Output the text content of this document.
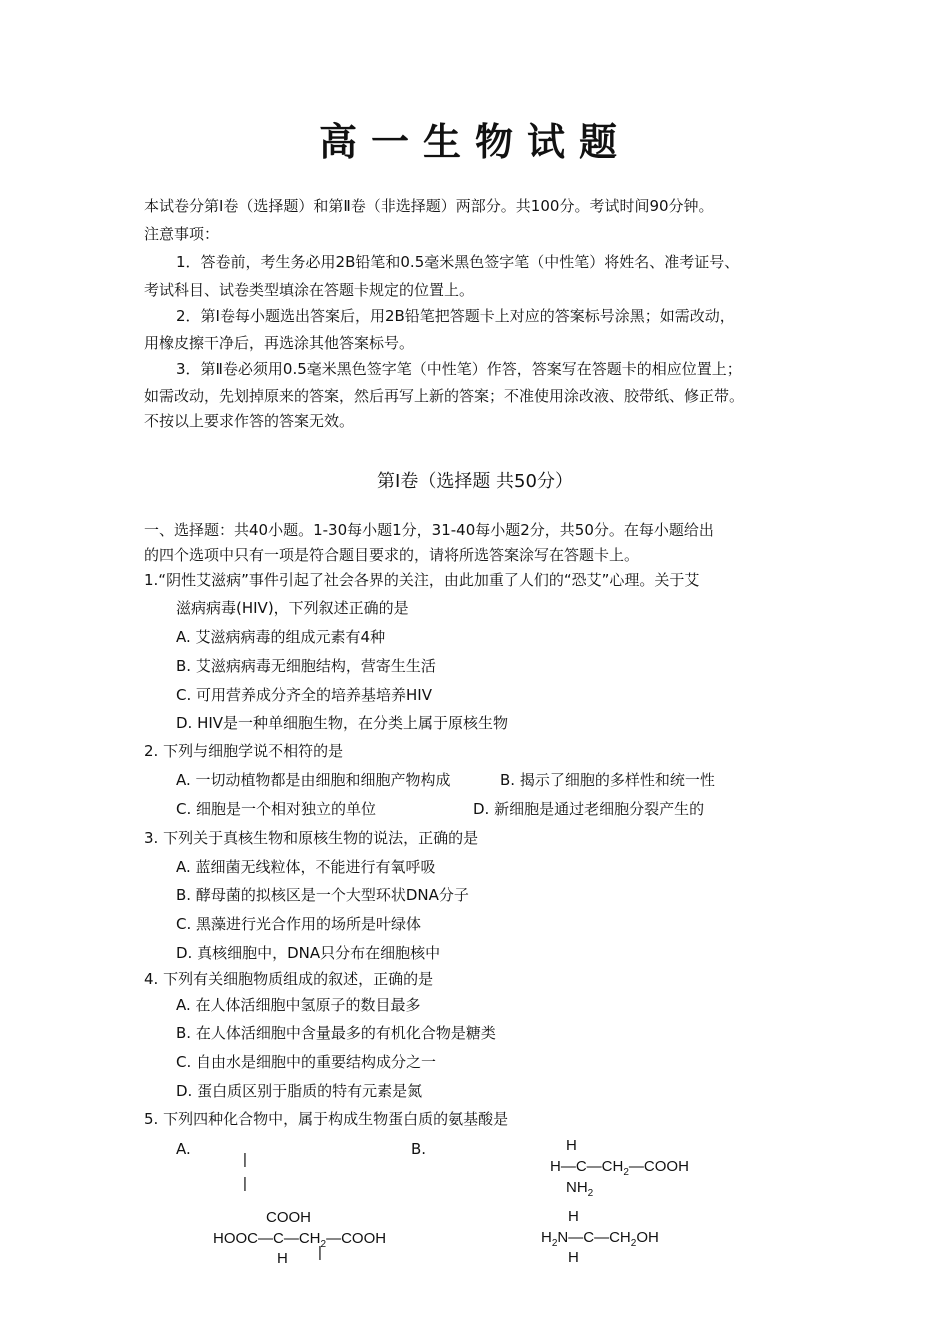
高一生物试题
本试卷分第Ⅰ卷（选择题）和第Ⅱ卷（非选择题）两部分。共100分。考试时间90分钟。
注意事项：
1．答卷前，考生务必用2B铅笔和0.5毫米黑色签字笔（中性笔）将姓名、准考证号、
考试科目、试卷类型填涂在答题卡规定的位置上。
2．第Ⅰ卷每小题选出答案后，用2B铅笔把答题卡上对应的答案标号涂黑；如需改动，
用橡皮擦干净后，再选涂其他答案标号。
3．第Ⅱ卷必须用0.5毫米黑色签字笔（中性笔）作答，答案写在答题卡的相应位置上；
如需改动，先划掉原来的答案，然后再写上新的答案；不准使用涂改液、胶带纸、修正带。
不按以上要求作答的答案无效。
第Ⅰ卷（选择题 共50分）
一、选择题：共40小题。1-30每小题1分，31-40每小题2分，共50分。在每小题给出
的四个选项中只有一项是符合题目要求的，请将所选答案涂写在答题卡上。
1.“阴性艾滋病”事件引起了社会各界的关注，由此加重了人们的“恐艾”心理。关于艾
滋病病毒(HIV)，下列叙述正确的是
A. 艾滋病病毒的组成元素有4种
B. 艾滋病病毒无细胞结构，营寄生生活
C. 可用营养成分齐全的培养基培养HIV
D. HIV是一种单细胞生物，在分类上属于原核生物
2. 下列与细胞学说不相符的是
A. 一切动植物都是由细胞和细胞产物构成	B. 揭示了细胞的多样性和统一性
C. 细胞是一个相对独立的单位	D. 新细胞是通过老细胞分裂产生的
3. 下列关于真核生物和原核生物的说法，正确的是
A. 蓝细菌无线粒体，不能进行有氧呼吸
B. 酵母菌的拟核区是一个大型环状DNA分子
C. 黑藻进行光合作用的场所是叶绿体
D. 真核细胞中，DNA只分布在细胞核中
4. 下列有关细胞物质组成的叙述，正确的是
A. 在人体活细胞中氢原子的数目最多
B. 在人体活细胞中含量最多的有机化合物是糖类
C. 自由水是细胞中的重要结构成分之一
D. 蛋白质区别于脂质的特有元素是氮
5. 下列四种化合物中，属于构成生物蛋白质的氨基酸是
A.	B.
|
|
COOH
$HOOC—C—CH_2—COOH$
|
H
H
$H—C—CH_2—COOH$
$NH_2$
H
$H_2N—C—CH_2OH$
H
